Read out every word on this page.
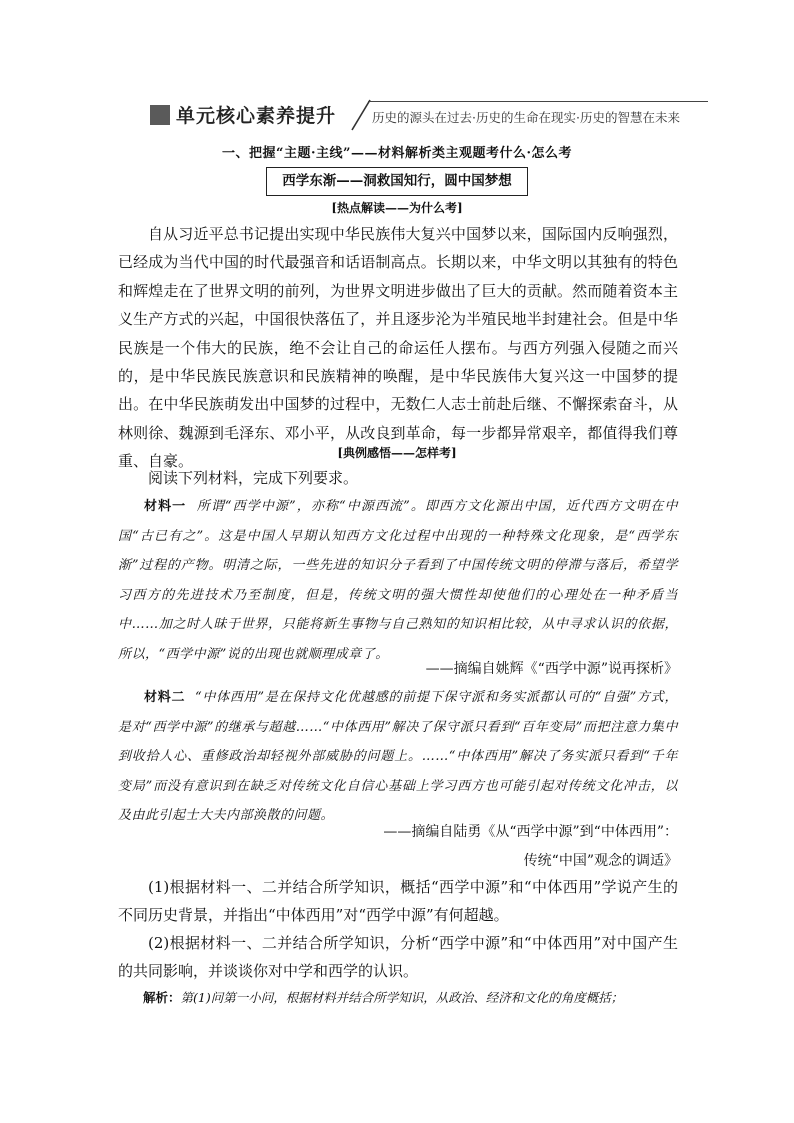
单元核心素养提升	历史的源头在过去·历史的生命在现实·历史的智慧在未来
一、把握“主题·主线”——材料解析类主观题考什么·怎么考
西学东渐——洞救国知行，圆中国梦想
[热点解读——为什么考]
自从习近平总书记提出实现中华民族伟大复兴中国梦以来，国际国内反响强烈，已经成为当代中国的时代最强音和话语制高点。长期以来，中华文明以其独有的特色和辉煌走在了世界文明的前列，为世界文明进步做出了巨大的贡献。然而随着资本主义生产方式的兴起，中国很快落伍了，并且逐步沦为半殖民地半封建社会。但是中华民族是一个伟大的民族，绝不会让自己的命运任人摆布。与西方列强入侵随之而兴的，是中华民族民族意识和民族精神的唤醒，是中华民族伟大复兴这一中国梦的提出。在中华民族萌发出中国梦的过程中，无数仁人志士前赴后继、不懈探索奋斗，从林则徐、魏源到毛泽东、邓小平，从改良到革命，每一步都异常艰辛，都值得我们尊重、自豪。	[典例感悟——怎样考]
阅读下列材料，完成下列要求。
材料一 所谓“西学中源”，亦称“中源西流”。即西方文化源出中国，近代西方文明在中国“古已有之”。这是中国人早期认知西方文化过程中出现的一种特殊文化现象，是“西学东渐”过程的产物。明清之际，一些先进的知识分子看到了中国传统文明的停滞与落后，希望学习西方的先进技术乃至制度，但是，传统文明的强大惯性却使他们的心理处在一种矛盾当中……加之时人昧于世界，只能将新生事物与自己熟知的知识相比较，从中寻求认识的依据，所以，“西学中源”说的出现也就顺理成章了。
——摘编自姚辉《“西学中源”说再探析》
材料二 “中体西用”是在保持文化优越感的前提下保守派和务实派都认可的“自强”方式，是对“西学中源”的继承与超越……“中体西用”解决了保守派只看到“百年变局”而把注意力集中到收拾人心、重修政治却轻视外部威胁的问题上。……“中体西用”解决了务实派只看到“千年变局”而没有意识到在缺乏对传统文化自信心基础上学习西方也可能引起对传统文化冲击，以及由此引起士大夫内部涣散的问题。
——摘编自陆勇《从“西学中源”到“中体西用”：
传统“中国”观念的调适》
(1)根据材料一、二并结合所学知识，概括“西学中源”和“中体西用”学说产生的不同历史背景，并指出“中体西用”对“西学中源”有何超越。
(2)根据材料一、二并结合所学知识，分析“西学中源”和“中体西用”对中国产生的共同影响，并谈谈你对中学和西学的认识。
解析：第(1)问第一小问，根据材料并结合所学知识，从政治、经济和文化的角度概括；
